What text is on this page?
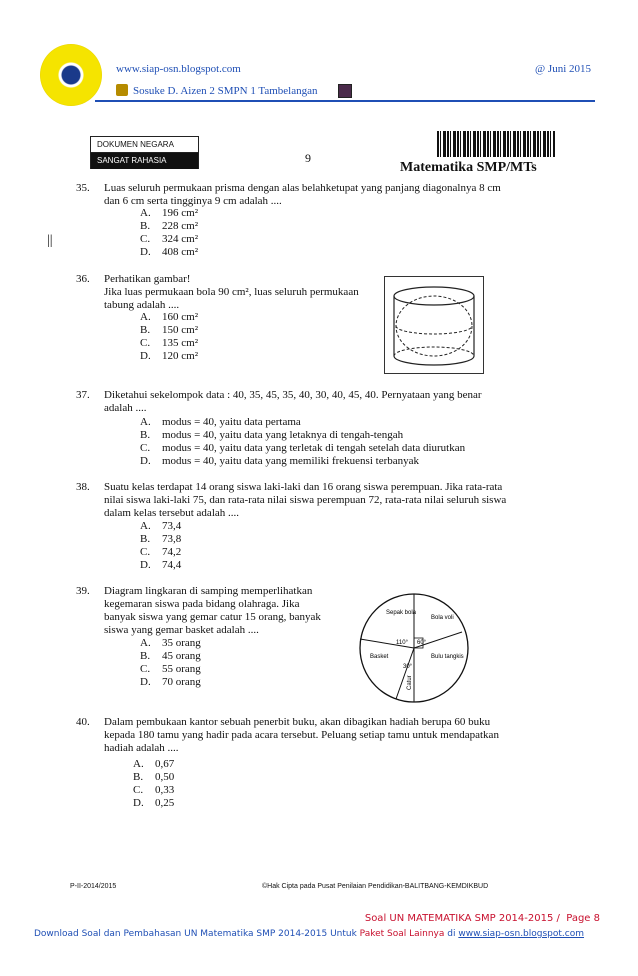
www.siap-osn.blogspot.com	@ Juni 2015
Sosuke D. Aizen 2 SMPN 1 Tambelangan
DOKUMEN NEGARA
SANGAT RAHASIA	9
Matematika SMP/MTs
||
35. Luas seluruh permukaan prisma dengan alas belahketupat yang panjang diagonalnya 8 cm
dan 6 cm serta tingginya 9 cm adalah ....
A. 196 cm²
B. 228 cm²
C. 324 cm²
D. 408 cm²
36. Perhatikan gambar!
Jika luas permukaan bola 90 cm², luas seluruh permukaan
tabung adalah ....
A. 160 cm²
B. 150 cm²
C. 135 cm²
D. 120 cm²
37. Diketahui sekelompok data : 40, 35, 45, 35, 40, 30, 40, 45, 40. Pernyataan yang benar
adalah ....
A. modus = 40, yaitu data pertama
B. modus = 40, yaitu data yang letaknya di tengah-tengah
C. modus = 40, yaitu data yang terletak di tengah setelah data diurutkan
D. modus = 40, yaitu data yang memiliki frekuensi terbanyak
38. Suatu kelas terdapat 14 orang siswa laki-laki dan 16 orang siswa perempuan. Jika rata-rata
nilai siswa laki-laki 75, dan rata-rata nilai siswa perempuan 72, rata-rata nilai seluruh siswa
dalam kelas tersebut adalah ....
A. 73,4
B. 73,8
C. 74,2
D. 74,4
39. Diagram lingkaran di samping memperlihatkan
kegemaran siswa pada bidang olahraga. Jika
banyak siswa yang gemar catur 15 orang, banyak
siswa yang gemar basket adalah ....
A. 35 orang
B. 45 orang
C. 55 orang
D. 70 orang
Sepak bola
Bola voli
Bulu tangkis
Basket
Catur
110° 60°
30°
40. Dalam pembukaan kantor sebuah penerbit buku, akan dibagikan hadiah berupa 60 buku
kepada 180 tamu yang hadir pada acara tersebut. Peluang setiap tamu untuk mendapatkan
hadiah adalah ....
A. 0,67
B. 0,50
C. 0,33
D. 0,25
P-II-2014/2015	©Hak Cipta pada Pusat Penilaian Pendidikan-BALITBANG-KEMDIKBUD
Soal UN MATEMATIKA SMP 2014-2015 / Page 8
Download Soal dan Pembahasan UN Matematika SMP 2014-2015 Untuk Paket Soal Lainnya di www.siap-osn.blogspot.com
